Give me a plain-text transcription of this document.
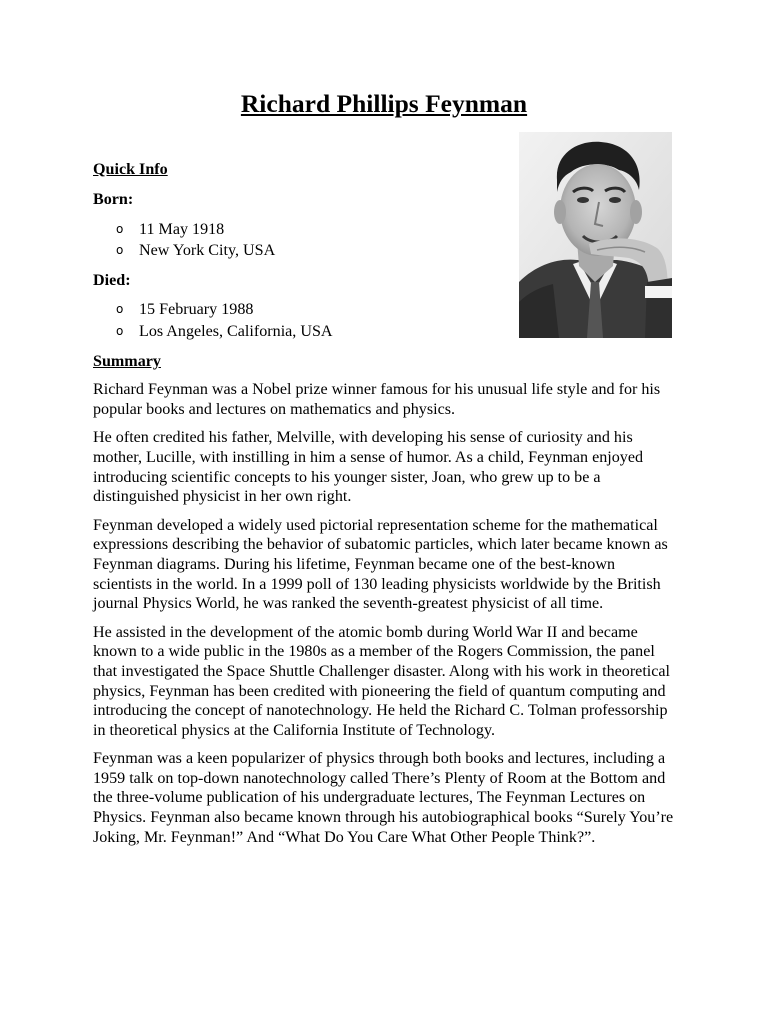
Richard Phillips Feynman

Quick Info

Born:

o 11 May 1918
o New York City, USA

Died:

o 15 February 1988
o Los Angeles, California, USA

Summary

Richard Feynman was a Nobel prize winner famous for his unusual life style and for his popular books and lectures on mathematics and physics.

He often credited his father, Melville, with developing his sense of curiosity and his mother, Lucille, with instilling in him a sense of humor. As a child, Feynman enjoyed introducing scientific concepts to his younger sister, Joan, who grew up to be a distinguished physicist in her own right.

Feynman developed a widely used pictorial representation scheme for the mathematical expressions describing the behavior of subatomic particles, which later became known as Feynman diagrams. During his lifetime, Feynman became one of the best-known scientists in the world. In a 1999 poll of 130 leading physicists worldwide by the British journal Physics World, he was ranked the seventh-greatest physicist of all time.

He assisted in the development of the atomic bomb during World War II and became known to a wide public in the 1980s as a member of the Rogers Commission, the panel that investigated the Space Shuttle Challenger disaster. Along with his work in theoretical physics, Feynman has been credited with pioneering the field of quantum computing and introducing the concept of nanotechnology. He held the Richard C. Tolman professorship in theoretical physics at the California Institute of Technology.

Feynman was a keen popularizer of physics through both books and lectures, including a 1959 talk on top-down nanotechnology called There’s Plenty of Room at the Bottom and the three-volume publication of his undergraduate lectures, The Feynman Lectures on Physics. Feynman also became known through his autobiographical books “Surely You’re Joking, Mr. Feynman!” And “What Do You Care What Other People Think?”.
